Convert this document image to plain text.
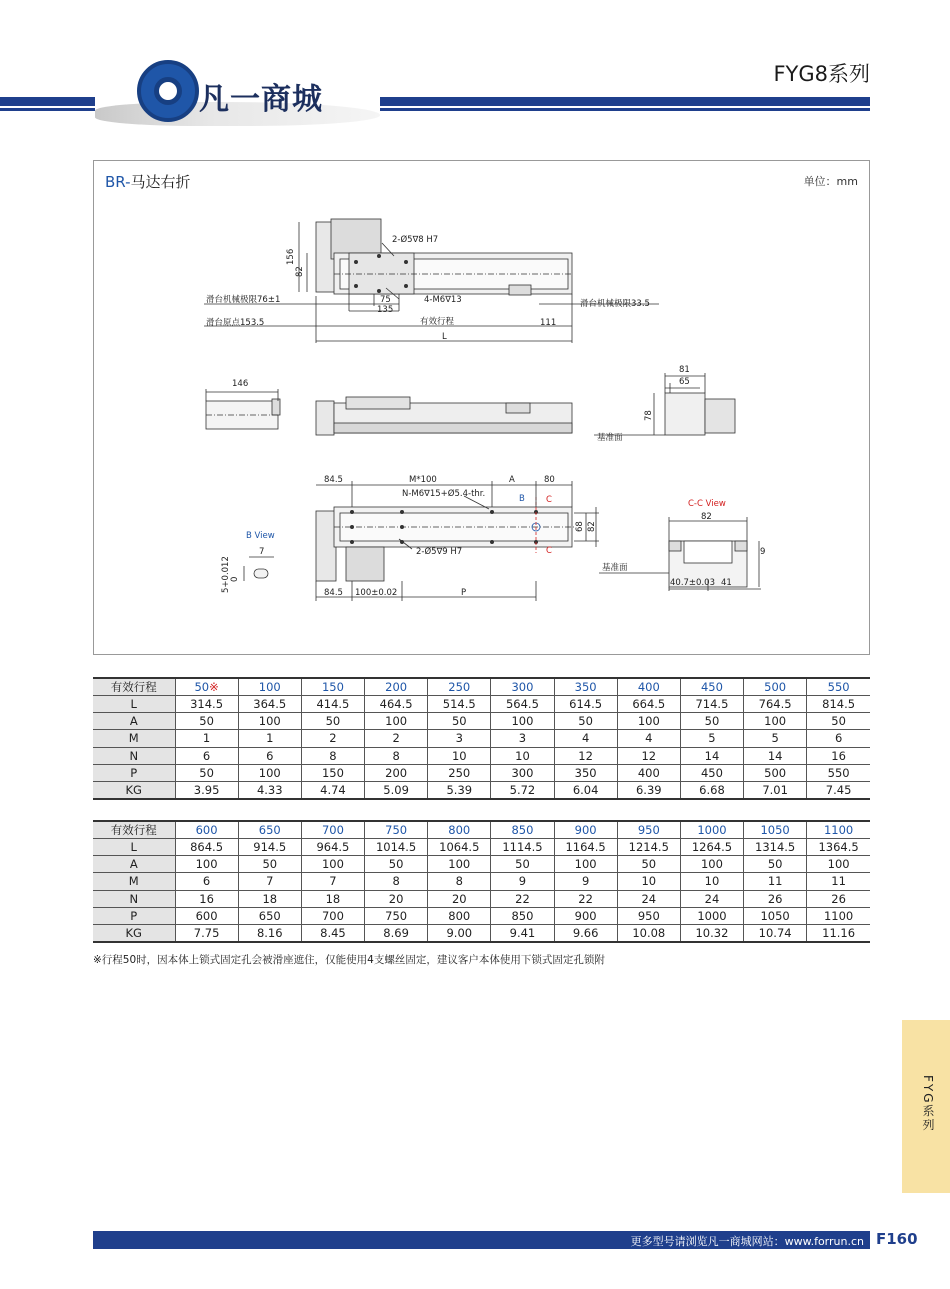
凡一商城
FYG8系列
BR-马达右折	单位：mm
156
82
2-Ø5∇8 H7
4-M6∇13
75
135
滑台机械极限76±1	滑台机械极限33.5
滑台原点153.5	有效行程	111
L
146
81
65
78
基准面
84.5	M*100	A	80
N-M6∇15+Ø5.4-thr.	B C
C
68 82
2-Ø5∇9 H7
B View
7
5+0.012 0
84.5 100±0.02	P
C-C View
82
9
基准面
40.7±0.03 41
有效行程	50※	100	150	200	250	300	350	400	450	500	550
L	314.5	364.5	414.5	464.5	514.5	564.5	614.5	664.5	714.5	764.5	814.5
A	50	100	50	100	50	100	50	100	50	100	50
M	1	1	2	2	3	3	4	4	5	5	6
N	6	6	8	8	10	10	12	12	14	14	16
P	50	100	150	200	250	300	350	400	450	500	550
KG	3.95	4.33	4.74	5.09	5.39	5.72	6.04	6.39	6.68	7.01	7.45
有效行程	600	650	700	750	800	850	900	950	1000	1050	1100
L	864.5	914.5	964.5	1014.5	1064.5	1114.5	1164.5	1214.5	1264.5	1314.5	1364.5
A	100	50	100	50	100	50	100	50	100	50	100
M	6	7	7	8	8	9	9	10	10	11	11
N	16	18	18	20	20	22	22	24	24	26	26
P	600	650	700	750	800	850	900	950	1000	1050	1100
KG	7.75	8.16	8.45	8.69	9.00	9.41	9.66	10.08	10.32	10.74	11.16
※行程50时，因本体上锁式固定孔会被滑座遮住，仅能使用4支螺丝固定，建议客户本体使用下锁式固定孔锁附
FYG系列
更多型号请浏览凡一商城网站：www.forrun.cn F160
